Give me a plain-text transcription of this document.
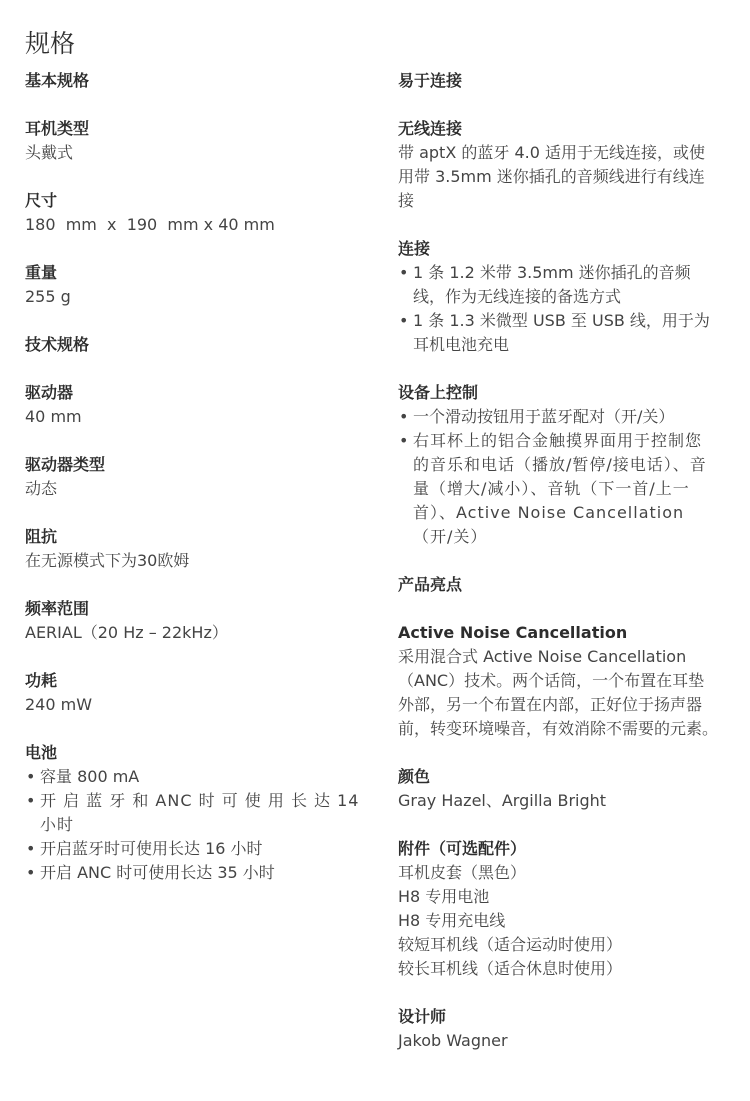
规格

基本规格

耳机类型

头戴式

尺寸

180  mm  x  190  mm x 40 mm

重量

255 g

技术规格

驱动器

40 mm

驱动器类型

动态

阻抗

在无源模式下为30欧姆

频率范围

AERIAL（20 Hz – 22kHz）

功耗

240 mW

电池

• 容量 800 mA
• 开 启 蓝 牙 和 ANC 时 可 使 用 长 达 14 小时
• 开启蓝牙时可使用长达 16 小时
• 开启 ANC 时可使用长达 35 小时

易于连接

无线连接

带 aptX 的蓝牙 4.0 适用于无线连接，或使用带 3.5mm 迷你插孔的音频线进行有线连接

连接

• 1 条 1.2 米带 3.5mm 迷你插孔的音频线，作为无线连接的备选方式
• 1 条 1.3 米微型 USB 至 USB 线，用于为耳机电池充电

设备上控制

• 一个滑动按钮用于蓝牙配对（开/关）
• 右耳杯上的铝合金触摸界面用于控制您的音乐和电话（播放/暂停/接电话）、音量（增大/减小）、音轨（下一首/上一首）、Active Noise Cancellation（开/关）

产品亮点

Active Noise Cancellation

采用混合式 Active Noise Cancellation（ANC）技术。两个话筒，一个布置在耳垫外部，另一个布置在内部，正好位于扬声器前，转变环境噪音，有效消除不需要的元素。

颜色

Gray Hazel、Argilla Bright

附件（可选配件）

耳机皮套（黑色）

H8 专用电池

H8 专用充电线

较短耳机线（适合运动时使用）

较长耳机线（适合休息时使用）

设计师

Jakob Wagner
